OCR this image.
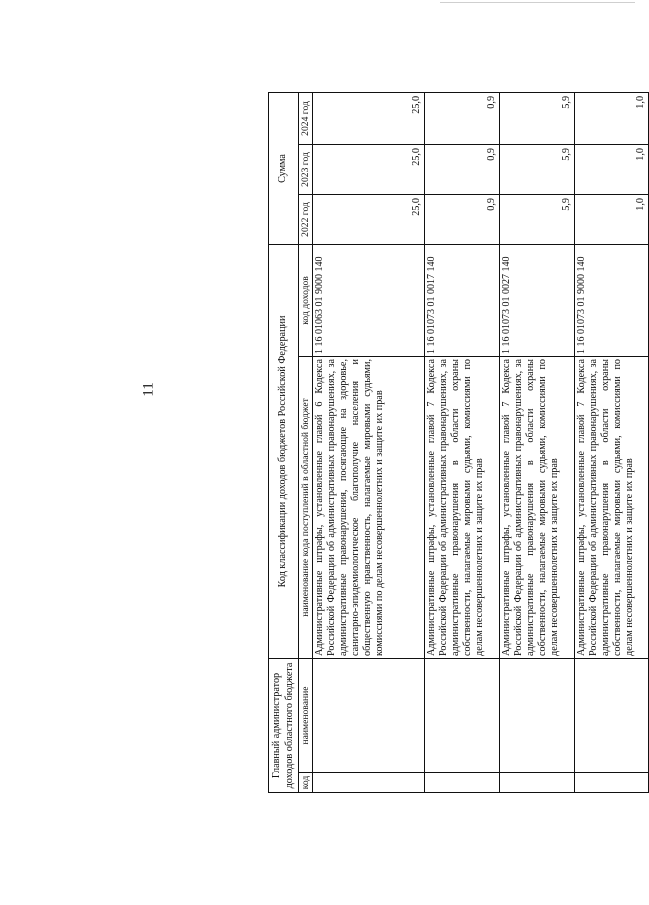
11
Главный администратор доходов областного бюджета		Код классификации доходов бюджетов Российской Федерации		Сумма		
код	наименование	наименование кода поступлений в областной бюджет	код доходов	2022 год	2023 год	2024 год
		Административные штрафы, установленные главой 6 Кодекса Российской Федерации об административных правонарушениях, за административные правонарушения, посягающие на здоровье, санитарно-эпидемиологическое благополучие населения и общественную нравственность, налагаемые мировыми судьями, комиссиями по делам несовершеннолетних и защите их прав	1 16 01063 01 9000 140	25,0	25,0	25,0
		Административные штрафы, установленные главой 7 Кодекса Российской Федерации об административных правонарушениях, за административные правонарушения в области охраны собственности, налагаемые мировыми судьями, комиссиями по делам несовершеннолетних и защите их прав	1 16 01073 01 0017 140	0,9	0,9	0,9
		Административные штрафы, установленные главой 7 Кодекса Российской Федерации об административных правонарушениях, за административные правонарушения в области охраны собственности, налагаемые мировыми судьями, комиссиями по делам несовершеннолетних и защите их прав	1 16 01073 01 0027 140	5,9	5,9	5,9
		Административные штрафы, установленные главой 7 Кодекса Российской Федерации об административных правонарушениях, за административные правонарушения в области охраны собственности, налагаемые мировыми судьями, комиссиями по делам несовершеннолетних и защите их прав	1 16 01073 01 9000 140	1,0	1,0	1,0
